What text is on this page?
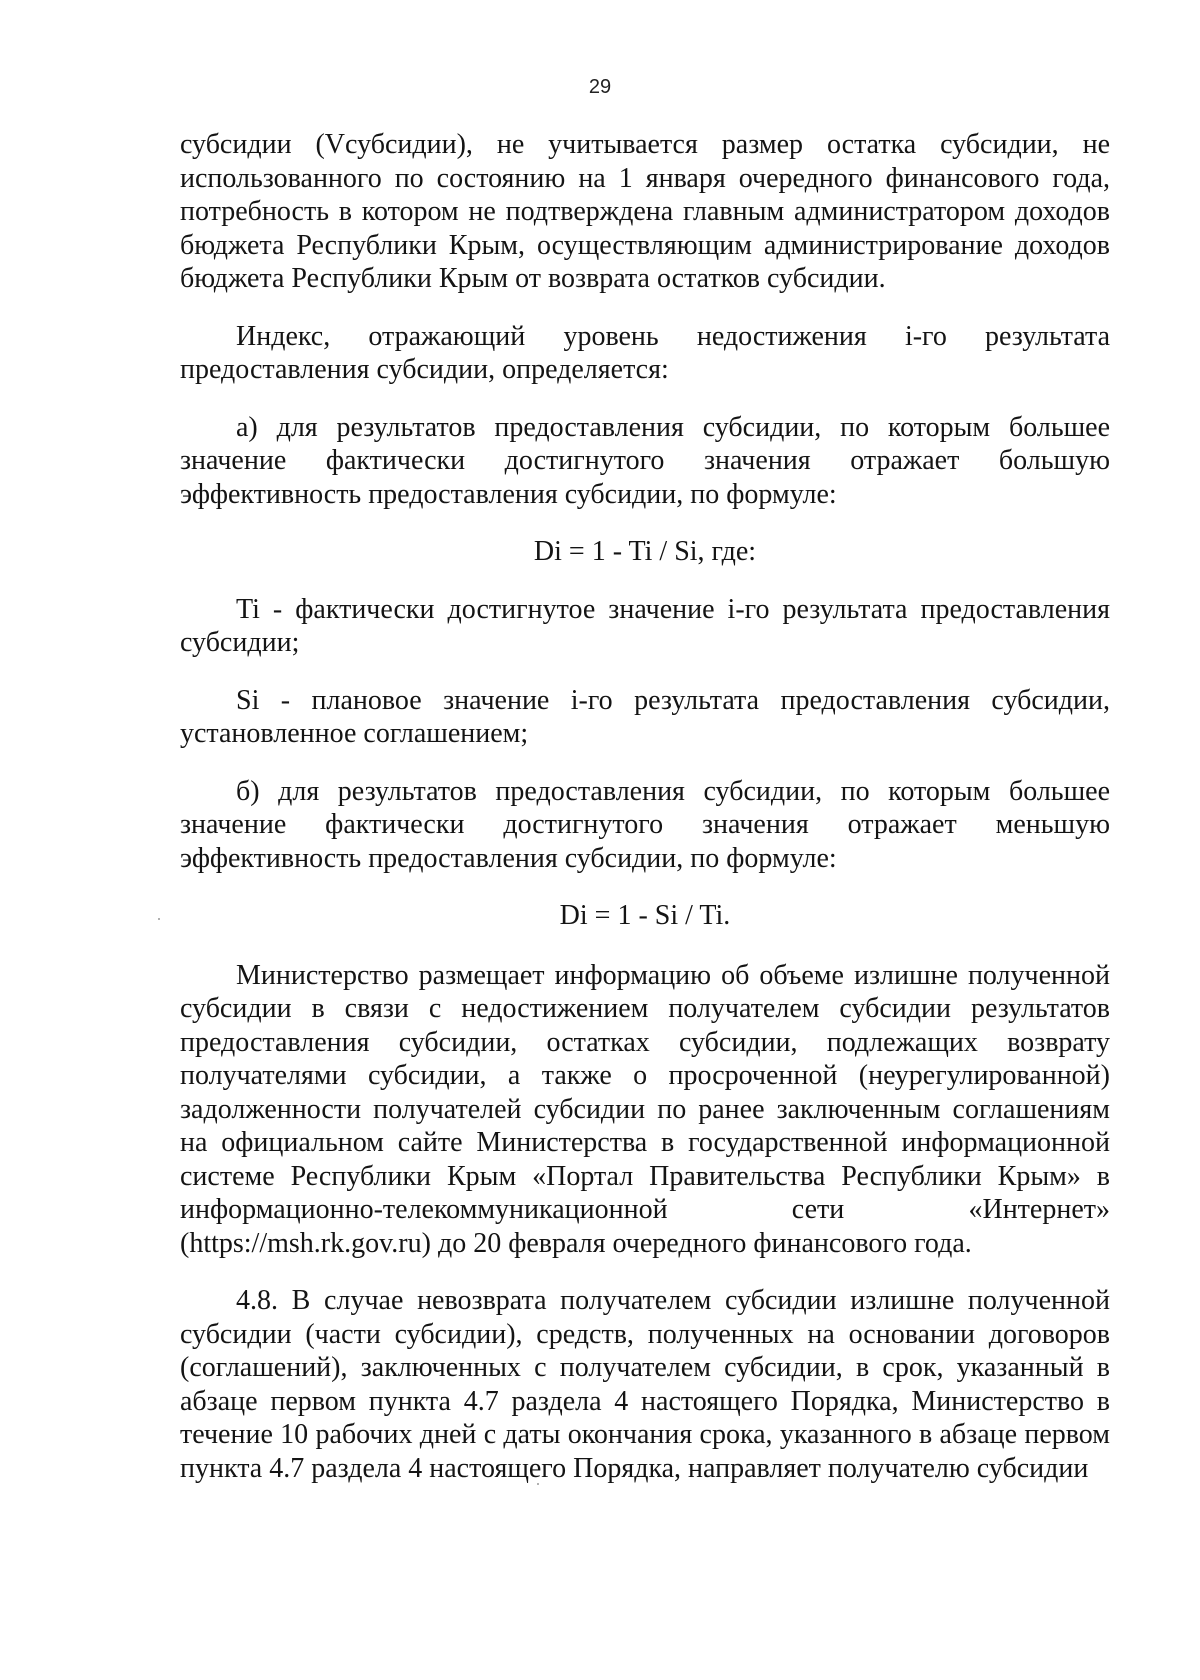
29

субсидии (Vсубсидии), не учитывается размер остатка субсидии, не использованного по состоянию на 1 января очередного финансового года, потребность в котором не подтверждена главным администратором доходов бюджета Республики Крым, осуществляющим администрирование доходов бюджета Республики Крым от возврата остатков субсидии.

Индекс, отражающий уровень недостижения i-го результата предоставления субсидии, определяется:

а) для результатов предоставления субсидии, по которым большее значение фактически достигнутого значения отражает большую эффективность предоставления субсидии, по формуле:

Di = 1 - Ti / Si, где:

Ti - фактически достигнутое значение i-го результата предоставления субсидии;

Si - плановое значение i-го результата предоставления субсидии, установленное соглашением;

б) для результатов предоставления субсидии, по которым большее значение фактически достигнутого значения отражает меньшую эффективность предоставления субсидии, по формуле:

Di = 1 - Si / Ti.

Министерство размещает информацию об объеме излишне полученной субсидии в связи с недостижением получателем субсидии результатов предоставления субсидии, остатках субсидии, подлежащих возврату получателями субсидии, а также о просроченной (неурегулированной) задолженности получателей субсидии по ранее заключенным соглашениям на официальном сайте Министерства в государственной информационной системе Республики Крым «Портал Правительства Республики Крым» в информационно-телекоммуникационной сети «Интернет» (https://msh.rk.gov.ru) до 20 февраля очередного финансового года.

4.8. В случае невозврата получателем субсидии излишне полученной субсидии (части субсидии), средств, полученных на основании договоров (соглашений), заключенных с получателем субсидии, в срок, указанный в абзаце первом пункта 4.7 раздела 4 настоящего Порядка, Министерство в течение 10 рабочих дней с даты окончания срока, указанного в абзаце первом пункта 4.7 раздела 4 настоящего Порядка, направляет получателю субсидии
